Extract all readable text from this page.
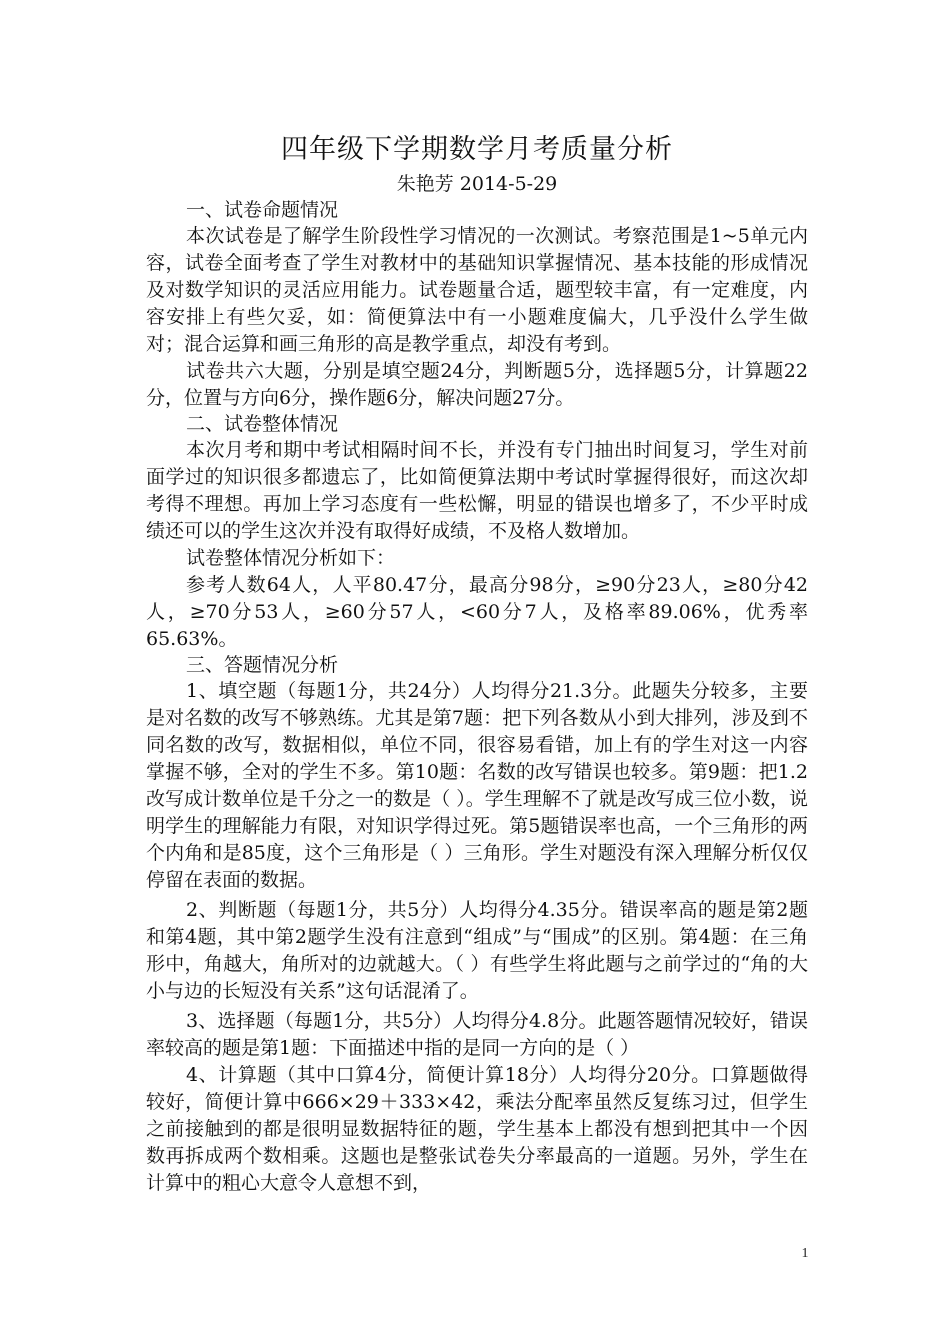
四年级下学期数学月考质量分析

朱艳芳 2014-5-29

一、试卷命题情况

本次试卷是了解学生阶段性学习情况的一次测试。考察范围是1~5单元内容，试卷全面考查了学生对教材中的基础知识掌握情况、基本技能的形成情况及对数学知识的灵活应用能力。试卷题量合适，题型较丰富，有一定难度，内容安排上有些欠妥，如：简便算法中有一小题难度偏大，几乎没什么学生做对；混合运算和画三角形的高是教学重点，却没有考到。

试卷共六大题，分别是填空题24分，判断题5分，选择题5分，计算题22分，位置与方向6分，操作题6分，解决问题27分。

二、试卷整体情况

本次月考和期中考试相隔时间不长，并没有专门抽出时间复习，学生对前面学过的知识很多都遗忘了，比如简便算法期中考试时掌握得很好，而这次却考得不理想。再加上学习态度有一些松懈，明显的错误也增多了，不少平时成绩还可以的学生这次并没有取得好成绩，不及格人数增加。

试卷整体情况分析如下：

参考人数64人，人平80.47分，最高分98分，≥90分23人，≥80分42人，≥70分53人，≥60分57人，<60分7人，及格率89.06%，优秀率65.63%。

三、答题情况分析

1、填空题（每题1分，共24分）人均得分21.3分。此题失分较多，主要是对名数的改写不够熟练。尤其是第7题：把下列各数从小到大排列，涉及到不同名数的改写，数据相似，单位不同，很容易看错，加上有的学生对这一内容掌握不够，全对的学生不多。第10题：名数的改写错误也较多。第9题：把1.2改写成计数单位是千分之一的数是（ ）。学生理解不了就是改写成三位小数，说明学生的理解能力有限，对知识学得过死。第5题错误率也高，一个三角形的两个内角和是85度，这个三角形是（ ）三角形。学生对题没有深入理解分析仅仅停留在表面的数据。

2、判断题（每题1分，共5分）人均得分4.35分。错误率高的题是第2题和第4题，其中第2题学生没有注意到“组成”与“围成”的区别。第4题：在三角形中，角越大，角所对的边就越大。（ ）有些学生将此题与之前学过的“角的大小与边的长短没有关系”这句话混淆了。

3、选择题（每题1分，共5分）人均得分4.8分。此题答题情况较好，错误率较高的题是第1题：下面描述中指的是同一方向的是（ ）

4、计算题（其中口算4分，简便计算18分）人均得分20分。口算题做得较好，简便计算中666×29＋333×42，乘法分配率虽然反复练习过，但学生之前接触到的都是很明显数据特征的题，学生基本上都没有想到把其中一个因数再拆成两个数相乘。这题也是整张试卷失分率最高的一道题。另外，学生在计算中的粗心大意令人意想不到，

1
